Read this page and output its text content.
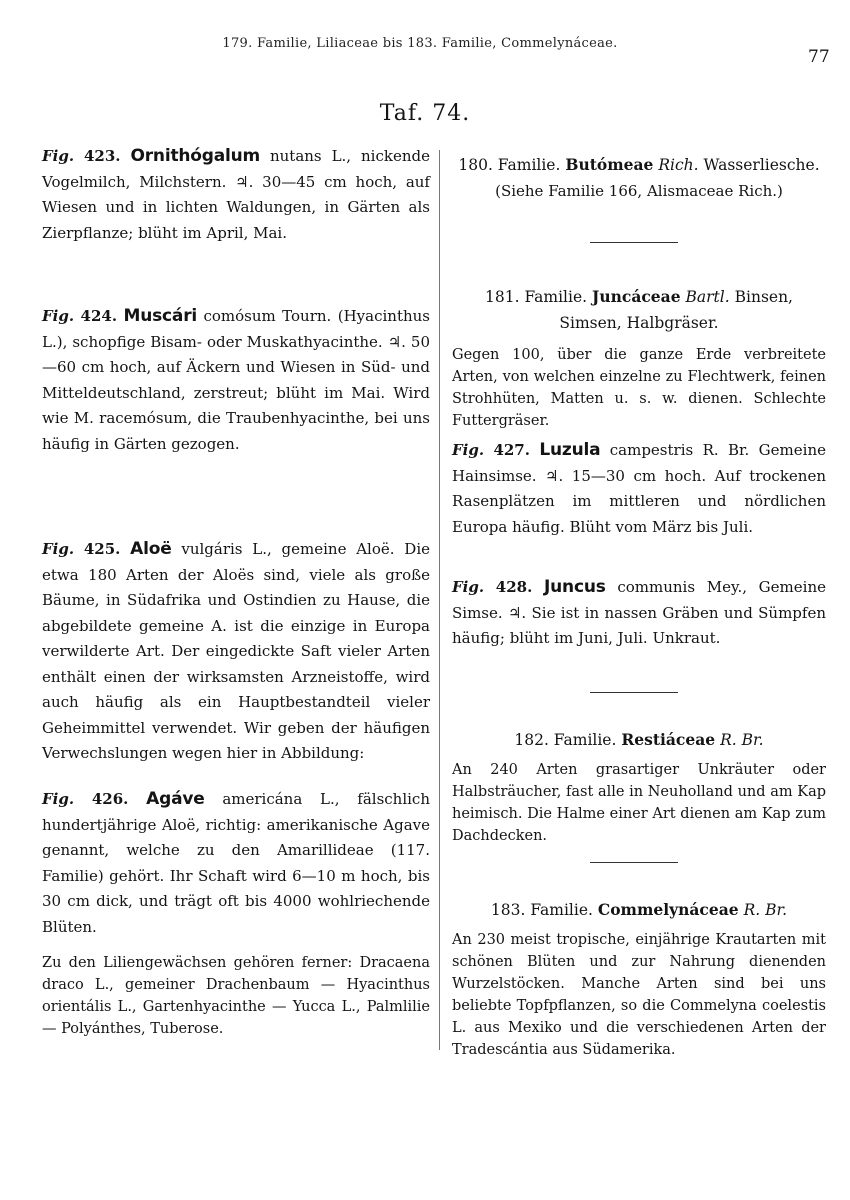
179. Familie, Liliaceae bis 183. Familie, Commelynáceae.
77
Taf. 74.

Fig. 423. Ornithógalum nutans L., nickende Vogelmilch, Milchstern. ♃. 30—45 cm hoch, auf Wiesen und in lichten Waldungen, in Gärten als Zierpflanze; blüht im April, Mai.

Fig. 424. Muscári comósum Tourn. (Hyacinthus L.), schopfige Bisam- oder Muskathyacinthe. ♃. 50—60 cm hoch, auf Äckern und Wiesen in Süd- und Mitteldeutschland, zerstreut; blüht im Mai. Wird wie M. racemósum, die Traubenhyacinthe, bei uns häufig in Gärten gezogen.

Fig. 425. Aloë vulgáris L., gemeine Aloë. Die etwa 180 Arten der Aloës sind, viele als große Bäume, in Südafrika und Ostindien zu Hause, die abgebildete gemeine A. ist die einzige in Europa verwilderte Art. Der eingedickte Saft vieler Arten enthält einen der wirksamsten Arzneistoffe, wird auch häufig als ein Hauptbestandteil vieler Geheimmittel verwendet. Wir geben der häufigen Verwechslungen wegen hier in Abbildung:

Fig. 426. Agáve americána L., fälschlich hundertjährige Aloë, richtig: amerikanische Agave genannt, welche zu den Amarillideae (117. Familie) gehört. Ihr Schaft wird 6—10 m hoch, bis 30 cm dick, und trägt oft bis 4000 wohlriechende Blüten.

Zu den Liliengewächsen gehören ferner: Dracaena draco L., gemeiner Drachenbaum — Hyacinthus orientális L., Gartenhyacinthe — Yucca L., Palmlilie — Polyánthes, Tuberose.

180. Familie. Butómeae Rich. Wasserliesche.

(Siehe Familie 166, Alismaceae Rich.)

181. Familie. Juncáceae Bartl. Binsen, Simsen, Halbgräser.

Gegen 100, über die ganze Erde verbreitete Arten, von welchen einzelne zu Flechtwerk, feinen Strohhüten, Matten u. s. w. dienen. Schlechte Futtergräser.

Fig. 427. Luzula campestris R. Br. Gemeine Hainsimse. ♃. 15—30 cm hoch. Auf trockenen Rasenplätzen im mittleren und nördlichen Europa häufig. Blüht vom März bis Juli.

Fig. 428. Juncus communis Mey., Gemeine Simse. ♃. Sie ist in nassen Gräben und Sümpfen häufig; blüht im Juni, Juli. Unkraut.

182. Familie. Restiáceae R. Br.

An 240 Arten grasartiger Unkräuter oder Halbsträucher, fast alle in Neuholland und am Kap heimisch. Die Halme einer Art dienen am Kap zum Dachdecken.

183. Familie. Commelynáceae R. Br.

An 230 meist tropische, einjährige Krautarten mit schönen Blüten und zur Nahrung dienenden Wurzelstöcken. Manche Arten sind bei uns beliebte Topfpflanzen, so die Commelyna coelestis L. aus Mexiko und die verschiedenen Arten der Tradescántia aus Südamerika.
